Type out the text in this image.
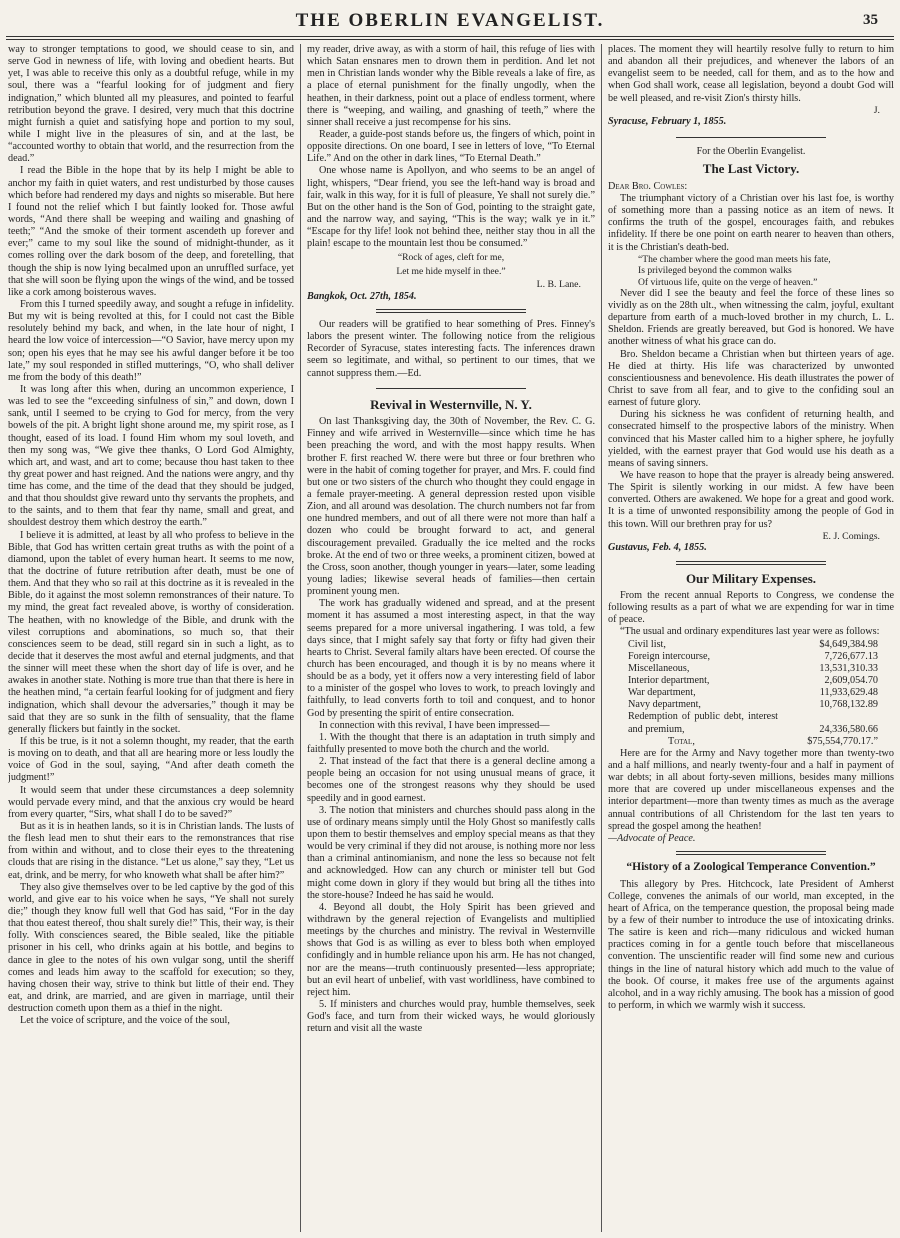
THE OBERLIN EVANGELIST.	35

way to stronger temptations to good, we should cease to sin, and serve God in newness of life, with loving and obedient hearts. But yet, I was able to receive this only as a doubtful refuge, while in my soul, there was a “fearful looking for of judgment and fiery indignation,” which blunted all my pleasures, and pointed to fearful retribution beyond the grave. I desired, very much that this doctrine might furnish a quiet and satisfying hope and portion to my soul, while I might live in the pleasures of sin, and at the last, be “accounted worthy to obtain that world, and the resurrection from the dead.”

I read the Bible in the hope that by its help I might be able to anchor my faith in quiet waters, and rest undisturbed by those causes which before had rendered my days and nights so miserable. But here I found not the relief which I but faintly looked for. Those awful words, “And there shall be weeping and wailing and gnashing of teeth;” “And the smoke of their torment ascendeth up forever and ever;” came to my soul like the sound of midnight-thunder, as it comes rolling over the dark bosom of the deep, and foretelling, that though the ship is now lying becalmed upon an unruffled surface, yet that she will soon be flying upon the wings of the wind, and be tossed like a cork among boisterous waves.

From this I turned speedily away, and sought a refuge in infidelity. But my wit is being revolted at this, for I could not cast the Bible resolutely behind my back, and when, in the late hour of night, I heard the low voice of intercession—“O Savior, have mercy upon my son; open his eyes that he may see his awful danger before it be too late,” my soul responded in stifled mutterings, “O, who shall deliver me from the body of this death!”

It was long after this when, during an uncommon experience, I was led to see the “exceeding sinfulness of sin,” and down, down I sank, until I seemed to be crying to God for mercy, from the very bowels of the pit. A bright light shone around me, my spirit rose, as I thought, eased of its load. I found Him whom my soul loveth, and then my song was, “We give thee thanks, O Lord God Almighty, which art, and wast, and art to come; because thou hast taken to thee thy great power and hast reigned. And the nations were angry, and thy time has come, and the time of the dead that they should be judged, and that thou shouldst give reward unto thy servants the prophets, and to the saints, and to them that fear thy name, small and great, and shouldest destroy them which destroy the earth.”

I believe it is admitted, at least by all who profess to believe in the Bible, that God has written certain great truths as with the point of a diamond, upon the tablet of every human heart. It seems to me now, that the doctrine of future retribution after death, must be one of them. And that they who so rail at this doctrine as it is revealed in the Bible, do it against the most solemn remonstrances of their nature. To my mind, the great fact revealed above, is worthy of consideration. The heathen, with no knowledge of the Bible, and drunk with the vilest corruptions and abominations, so much so, that their consciences seem to be dead, still regard sin in such a light, as to decide that it deserves the most awful and eternal judgments, and that the sinner will meet these when the short day of life is over, and he awakes in another state. Nothing is more true than that there is here in the heathen mind, “a certain fearful looking for of judgment and fiery indignation, which shall devour the adversaries,” though it may be said that they are so sunk in the filth of sensuality, that the flame generally flickers but faintly in the socket.

If this be true, is it not a solemn thought, my reader, that the earth is moving on to death, and that all are hearing more or less loudly the voice of God in the soul, saying, “And after death cometh the judgment!”

It would seem that under these circumstances a deep solemnity would pervade every mind, and that the anxious cry would be heard from every quarter, “Sirs, what shall I do to be saved?”

But as it is in heathen lands, so it is in Christian lands. The lusts of the flesh lead men to shut their ears to the remonstrances that rise from within and without, and to close their eyes to the threatening clouds that are rising in the distance. “Let us alone,” say they, “Let us eat, drink, and be merry, for who knoweth what shall be after him?”

They also give themselves over to be led captive by the god of this world, and give ear to his voice when he says, “Ye shall not surely die;” though they know full well that God has said, “For in the day that thou eatest thereof, thou shalt surely die!” This, their way, is their folly. With consciences seared, the Bible sealed, like the pitiable prisoner in his cell, who drinks again at his bottle, and begins to dance in glee to the notes of his own vulgar song, until the sheriff comes and leads him away to the scaffold for execution; so they, having chosen their way, strive to think but little of their end. They eat, and drink, are married, and are given in marriage, until their destruction cometh upon them as a thief in the night.

Let the voice of scripture, and the voice of the soul,

my reader, drive away, as with a storm of hail, this refuge of lies with which Satan ensnares men to drown them in perdition. And let not men in Christian lands wonder why the Bible reveals a lake of fire, as a place of eternal punishment for the finally ungodly, when the heathen, in their darkness, point out a place of endless torment, where there is “weeping, and wailing, and gnashing of teeth,” where the sinner shall receive a just recompense for his sins.

Reader, a guide-post stands before us, the fingers of which, point in opposite directions. On one board, I see in letters of love, “To Eternal Life.” And on the other in dark lines, “To Eternal Death.”

One whose name is Apollyon, and who seems to be an angel of light, whispers, “Dear friend, you see the left-hand way is broad and fair, walk in this way, for it is full of pleasure, Ye shall not surely die.” But on the other hand is the Son of God, pointing to the straight gate, and the narrow way, and saying, “This is the way; walk ye in it.” “Escape for thy life! look not behind thee, neither stay thou in all the plain! escape to the mountain lest thou be consumed.”

“Rock of ages, cleft for me,

Let me hide myself in thee.”

L. B. Lane.

Bangkok, Oct. 27th, 1854.

Our readers will be gratified to hear something of Pres. Finney's labors the present winter. The following notice from the religious Recorder of Syracuse, states interesting facts. The inferences drawn seem so legitimate, and withal, so pertinent to our times, that we cannot suppress them.—Ed.

Revival in Westernville, N. Y.

On last Thanksgiving day, the 30th of November, the Rev. C. G. Finney and wife arrived in Westernville—since which time he has been preaching the word, and with the most happy results. When brother F. first reached W. there were but three or four brethren who were in the habit of coming together for prayer, and Mrs. F. could find but one or two sisters of the church who thought they could engage in a female prayer-meeting. A general depression rested upon visible Zion, and all around was desolation. The church numbers not far from one hundred members, and out of all there were not more than half a dozen who could be brought forward to act, and general discouragement prevailed. Gradually the ice melted and the rocks broke. At the end of two or three weeks, a prominent citizen, bowed at the Cross, soon another, though younger in years—later, some leading young ladies; likewise several heads of families—then certain prominent young men.

The work has gradually widened and spread, and at the present moment it has assumed a most interesting aspect, in that the way seems prepared for a more universal ingathering. I was told, a few days since, that I might safely say that forty or fifty had given their hearts to Christ. Several family altars have been erected. Of course the church has been encouraged, and though it is by no means where it should be as a body, yet it offers now a very interesting field of labor to a minister of the gospel who loves to work, to preach lovingly and faithfully, to lead converts forth to toil and conquest, and to honor God by presenting the spirit of entire consecration.

In connection with this revival, I have been impressed—

1. With the thought that there is an adaptation in truth simply and faithfully presented to move both the church and the world.

2. That instead of the fact that there is a general decline among a people being an occasion for not using unusual means of grace, it becomes one of the strongest reasons why they should be used speedily and in good earnest.

3. The notion that ministers and churches should pass along in the use of ordinary means simply until the Holy Ghost so manifestly calls upon them to bestir themselves and employ special means as that they would be very criminal if they did not arouse, is nothing more nor less than a criminal antinomianism, and none the less so because not felt and acknowledged. How can any church or minister tell but God might come down in glory if they would but bring all the tithes into the store-house? Indeed he has said he would.

4. Beyond all doubt, the Holy Spirit has been grieved and withdrawn by the general rejection of Evangelists and multiplied meetings by the churches and ministry. The revival in Westernville shows that God is as willing as ever to bless both when employed confidingly and in humble reliance upon his arm. He has not changed, nor are the means—truth continuously presented—less appropriate; but an evil heart of unbelief, with vast worldliness, have combined to reject him.

5. If ministers and churches would pray, humble themselves, seek God's face, and turn from their wicked ways, he would gloriously return and visit all the waste

places. The moment they will heartily resolve fully to return to him and abandon all their prejudices, and whenever the labors of an evangelist seem to be needed, call for them, and as to the how and when God shall work, cease all legislation, beyond a doubt God will be well pleased, and re-visit Zion's thirsty hills.

J.

Syracuse, February 1, 1855.

For the Oberlin Evangelist.

The Last Victory.

Dear Bro. Cowles:

The triumphant victory of a Christian over his last foe, is worthy of something more than a passing notice as an item of news. It confirms the truth of the gospel, encourages faith, and rebukes infidelity. If there be one point on earth nearer to heaven than others, it is the Christian's death-bed.

“The chamber where the good man meets his fate,

Is privileged beyond the common walks

Of virtuous life, quite on the verge of heaven.”

Never did I see the beauty and feel the force of these lines so vividly as on the 28th ult., when witnessing the calm, joyful, exultant departure from earth of a much-loved brother in my church, L. L. Sheldon. Friends are greatly bereaved, but God is honored. We have another witness of what his grace can do.

Bro. Sheldon became a Christian when but thirteen years of age. He died at thirty. His life was characterized by unwonted conscientiousness and benevolence. His death illustrates the power of Christ to save from all fear, and to give to the confiding soul an earnest of future glory.

During his sickness he was confident of returning health, and consecrated himself to the prospective labors of the ministry. When convinced that his Master called him to a higher sphere, he joyfully yielded, with the earnest prayer that God would use his death as a means of saving sinners.

We have reason to hope that the prayer is already being answered. The Spirit is silently working in our midst. A few have been converted. Others are awakened. We hope for a great and good work. It is a time of unwonted responsibility among the people of God in this town. Will our brethren pray for us?

E. J. Comings.

Gustavus, Feb. 4, 1855.

Our Military Expenses.

From the recent annual Reports to Congress, we condense the following results as a part of what we are expending for war in time of peace.

“The usual and ordinary expenditures last year were as follows:

Civil list,	$4,649,384.98
Foreign intercourse,	7,726,677.13
Miscellaneous,	13,531,310.33
Interior department,	2,609,054.70
War department,	11,933,629.48
Navy department,	10,768,132.89
Redemption of public debt, interest and premium,	24,336,580.66
Total,	$75,554,770.17.”

Here are for the Army and Navy together more than twenty-two and a half millions, and nearly twenty-four and a half in payment of war debts; in all about forty-seven millions, besides many millions more that are covered up under miscellaneous expenses and the interior department—more than twenty times as much as the average annual contributions of all Christendom for the last ten years to spread the gospel among the heathen!

—Advocate of Peace.

“History of a Zoological Temperance Convention.”

This allegory by Pres. Hitchcock, late President of Amherst College, convenes the animals of our world, man excepted, in the heart of Africa, on the temperance question, the proposal being made by a few of their number to introduce the use of intoxicating drinks. The satire is keen and rich—many ridiculous and wicked human practices coming in for a gentle touch before that miscellaneous convention. The unscientific reader will find some new and curious things in the line of natural history which add much to the value of the book. Of course, it makes free use of the arguments against alcohol, and in a way richly amusing. The book has a mission of good to perform, in which we warmly wish it success.
